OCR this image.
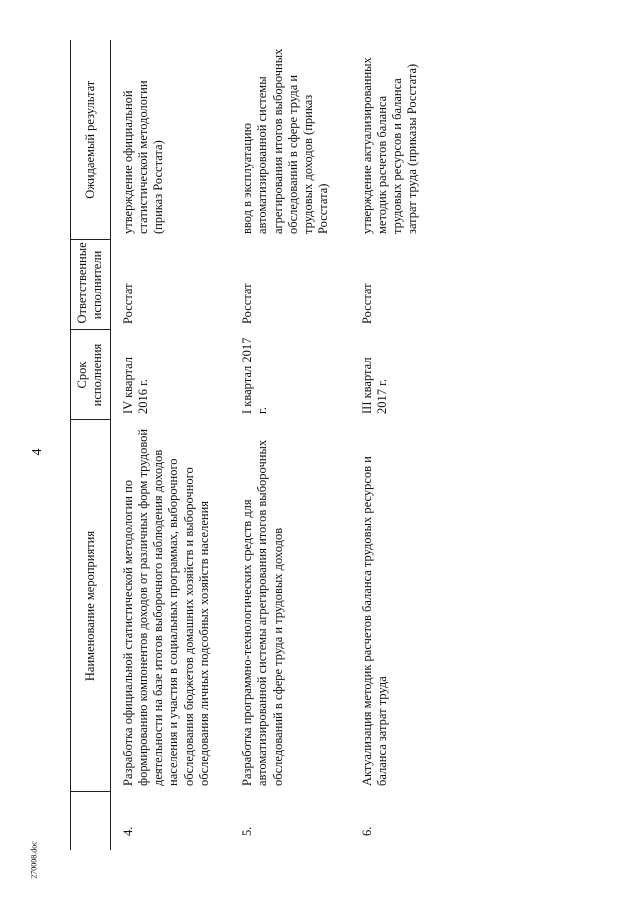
4
	Наименование мероприятия	Срок исполнения	Ответственные исполнители	Ожидаемый результат
4.	Разработка официальной статистической методологии по формированию компонентов доходов от различных форм трудовой деятельности на базе итогов выборочного наблюдения доходов населения и участия в социальных программах, выборочного обследования бюджетов домашних хозяйств и выборочного обследования личных подсобных хозяйств населения	IV квартал 2016 г.	Росстат	утверждение официальной статистической методологии (приказ Росстата)
5.	Разработка программно-технологических средств для автоматизированной системы агрегирования итогов выборочных обследований в сфере труда и трудовых доходов	I квартал 2017 г.	Росстат	ввод в эксплуатацию автоматизированной системы агрегирования итогов выборочных обследований в сфере труда и трудовых доходов (приказ Росстата)
6.	Актуализация методик расчетов баланса трудовых ресурсов и баланса затрат труда	III квартал 2017 г.	Росстат	утверждение актуализированных методик расчетов баланса трудовых ресурсов и баланса затрат труда (приказы Росстата)
270008.doc
